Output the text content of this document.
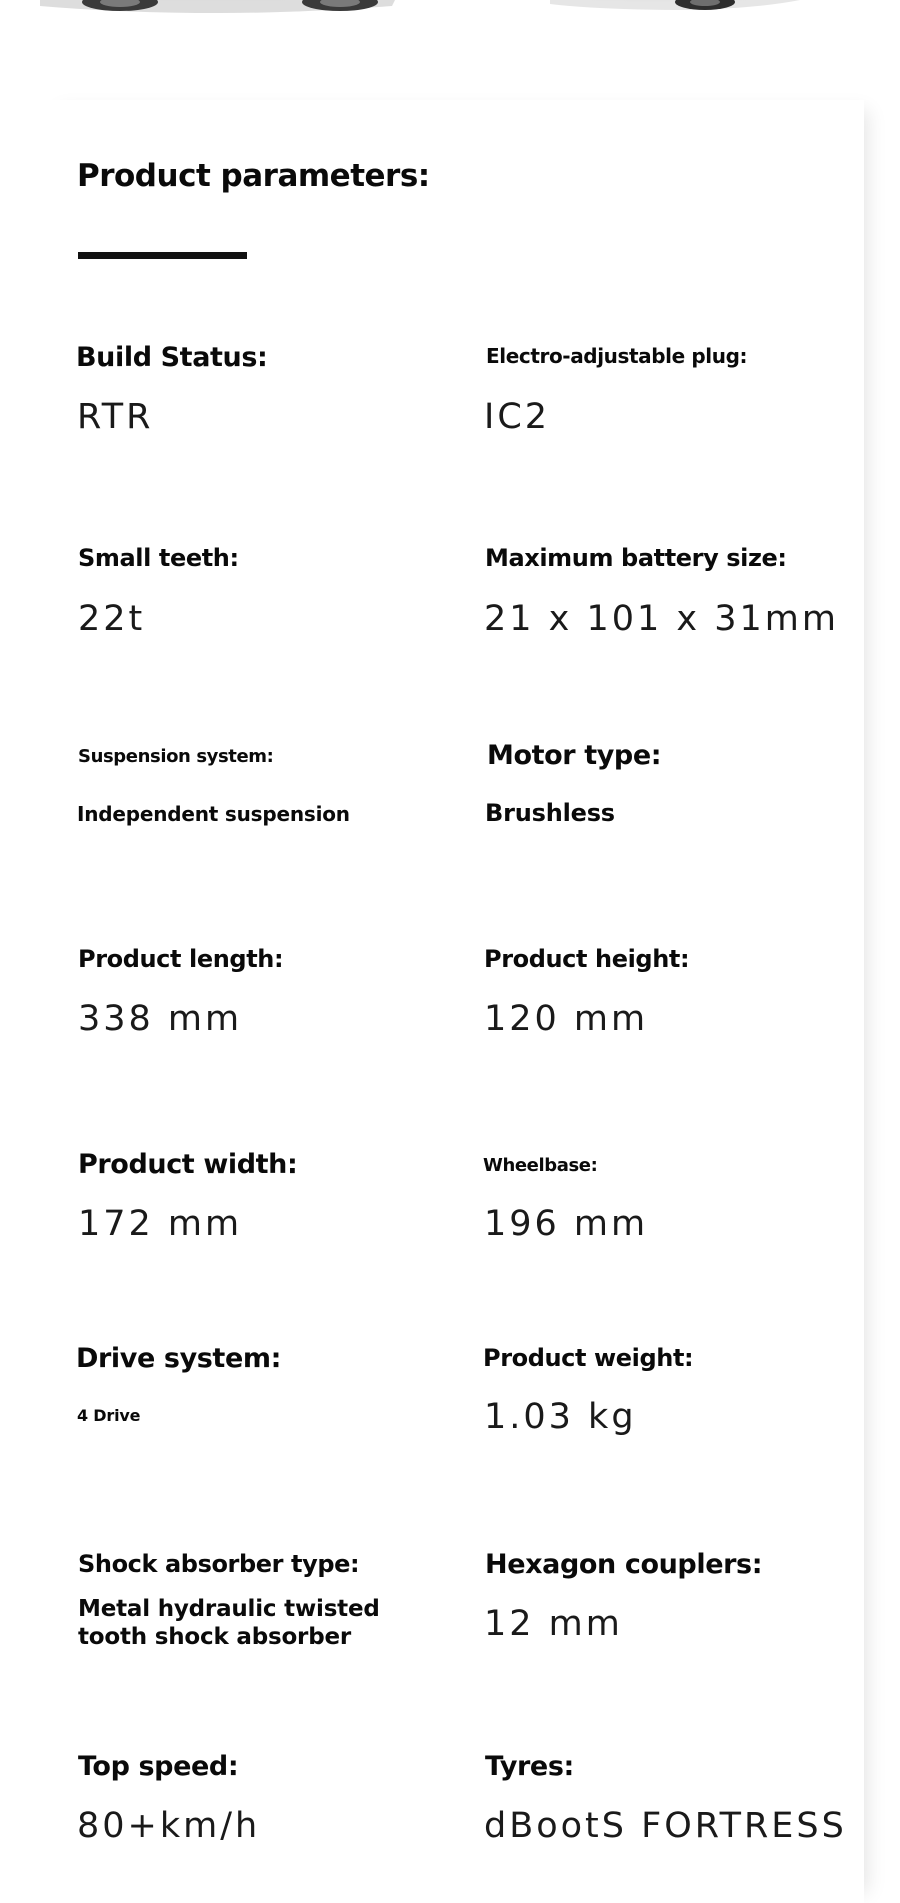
Product parameters:

Build Status:

RTR

Electro-adjustable plug:

IC2

Small teeth:

22t

Maximum battery size:

21 x 101 x 31mm

Suspension system:

Independent suspension

Motor type:

Brushless

Product length:

338 mm

Product height:

120 mm

Product width:

172 mm

Wheelbase:

196 mm

Drive system:

4 Drive

Product weight:

1.03 kg

Shock absorber type:

Metal hydraulic twisted

tooth shock absorber

Hexagon couplers:

12 mm

Top speed:

80+km/h

Tyres:

dBootS FORTRESS
